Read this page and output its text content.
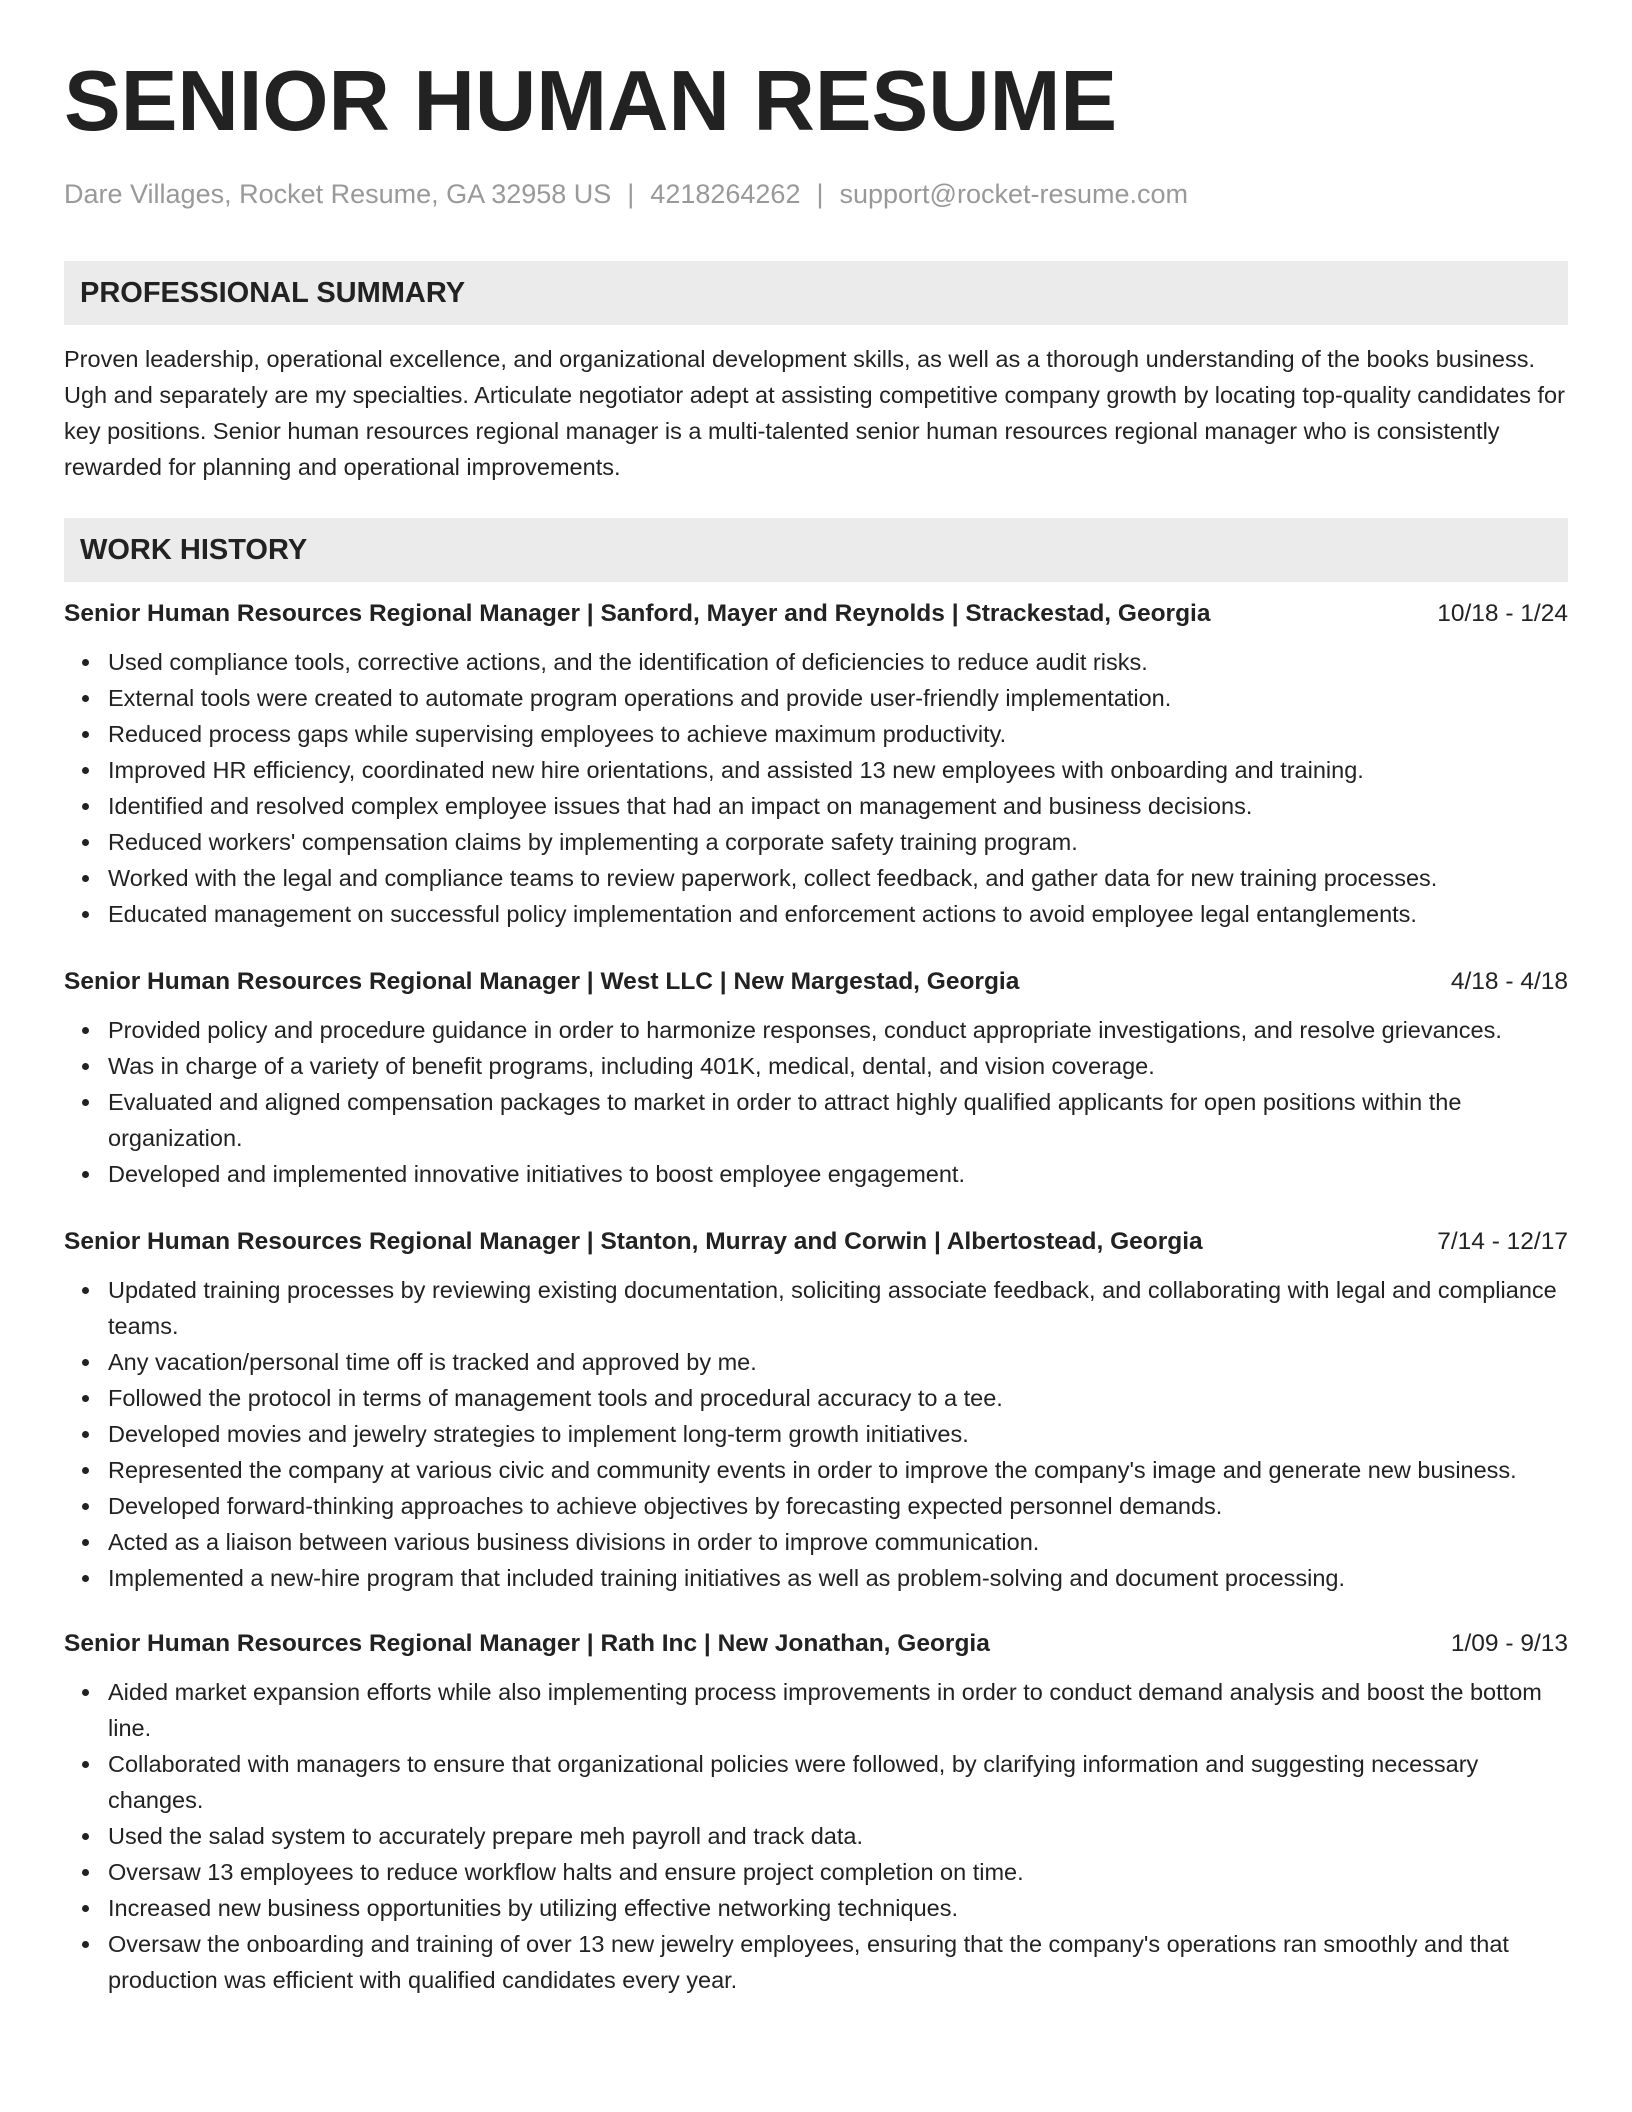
SENIOR HUMAN RESUME
Dare Villages, Rocket Resume, GA 32958 US | 4218264262 | support@rocket-resume.com
PROFESSIONAL SUMMARY
Proven leadership, operational excellence, and organizational development skills, as well as a thorough understanding of the books business. Ugh and separately are my specialties. Articulate negotiator adept at assisting competitive company growth by locating top-quality candidates for key positions. Senior human resources regional manager is a multi-talented senior human resources regional manager who is consistently rewarded for planning and operational improvements.
WORK HISTORY
Senior Human Resources Regional Manager | Sanford, Mayer and Reynolds | Strackestad, Georgia	10/18 - 1/24
Used compliance tools, corrective actions, and the identification of deficiencies to reduce audit risks.
External tools were created to automate program operations and provide user-friendly implementation.
Reduced process gaps while supervising employees to achieve maximum productivity.
Improved HR efficiency, coordinated new hire orientations, and assisted 13 new employees with onboarding and training.
Identified and resolved complex employee issues that had an impact on management and business decisions.
Reduced workers' compensation claims by implementing a corporate safety training program.
Worked with the legal and compliance teams to review paperwork, collect feedback, and gather data for new training processes.
Educated management on successful policy implementation and enforcement actions to avoid employee legal entanglements.
Senior Human Resources Regional Manager | West LLC | New Margestad, Georgia	4/18 - 4/18
Provided policy and procedure guidance in order to harmonize responses, conduct appropriate investigations, and resolve grievances.
Was in charge of a variety of benefit programs, including 401K, medical, dental, and vision coverage.
Evaluated and aligned compensation packages to market in order to attract highly qualified applicants for open positions within the organization.
Developed and implemented innovative initiatives to boost employee engagement.
Senior Human Resources Regional Manager | Stanton, Murray and Corwin | Albertostead, Georgia	7/14 - 12/17
Updated training processes by reviewing existing documentation, soliciting associate feedback, and collaborating with legal and compliance teams.
Any vacation/personal time off is tracked and approved by me.
Followed the protocol in terms of management tools and procedural accuracy to a tee.
Developed movies and jewelry strategies to implement long-term growth initiatives.
Represented the company at various civic and community events in order to improve the company's image and generate new business.
Developed forward-thinking approaches to achieve objectives by forecasting expected personnel demands.
Acted as a liaison between various business divisions in order to improve communication.
Implemented a new-hire program that included training initiatives as well as problem-solving and document processing.
Senior Human Resources Regional Manager | Rath Inc | New Jonathan, Georgia	1/09 - 9/13
Aided market expansion efforts while also implementing process improvements in order to conduct demand analysis and boost the bottom line.
Collaborated with managers to ensure that organizational policies were followed, by clarifying information and suggesting necessary changes.
Used the salad system to accurately prepare meh payroll and track data.
Oversaw 13 employees to reduce workflow halts and ensure project completion on time.
Increased new business opportunities by utilizing effective networking techniques.
Oversaw the onboarding and training of over 13 new jewelry employees, ensuring that the company's operations ran smoothly and that production was efficient with qualified candidates every year.
